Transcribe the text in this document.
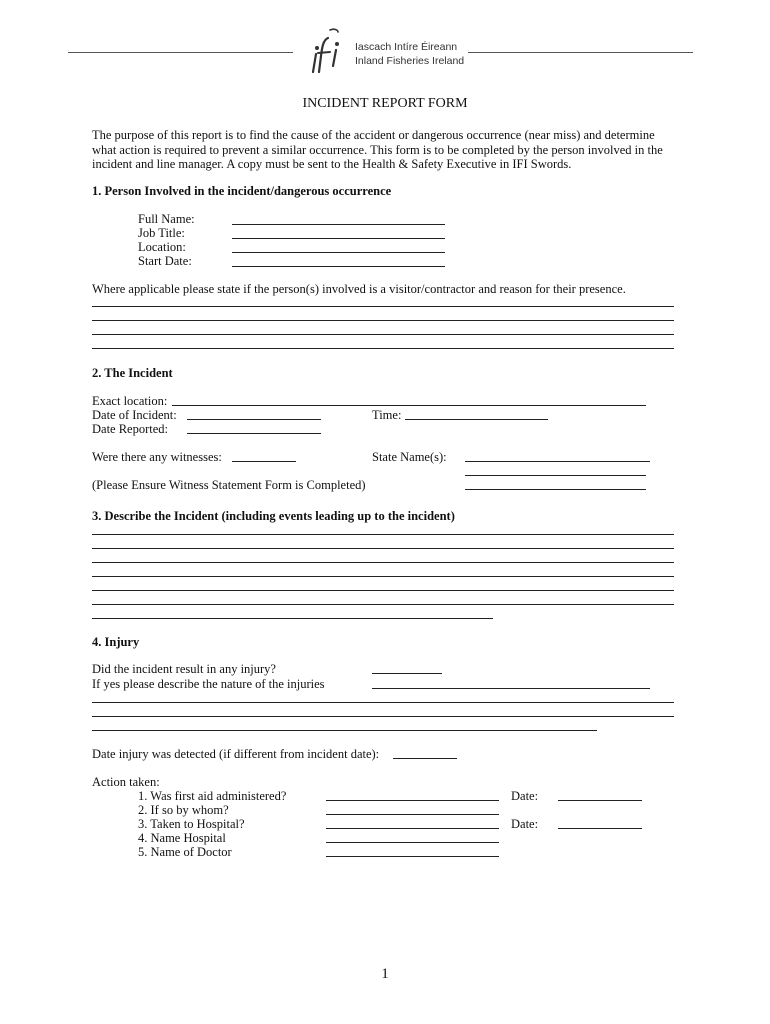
Iascach Intíre Éireann
Inland Fisheries Ireland
INCIDENT REPORT FORM
The purpose of this report is to find the cause of the accident or dangerous occurrence (near miss) and determine what action is required to prevent a similar occurrence. This form is to be completed by the person involved in the incident and line manager. A copy must be sent to the Health & Safety Executive in IFI Swords.
1. Person Involved in the incident/dangerous occurrence
Full Name:
Job Title:
Location:
Start Date:
Where applicable please state if the person(s) involved is a visitor/contractor and reason for their presence.
2. The Incident
Exact location:
Date of Incident:	Time:
Date Reported:
Were there any witnesses:	State Name(s):
(Please Ensure Witness Statement Form is Completed)
3. Describe the Incident (including events leading up to the incident)
4. Injury
Did the incident result in any injury?
If yes please describe the nature of the injuries
Date injury was detected (if different from incident date):
Action taken:
1. Was first aid administered?	Date:
2. If so by whom?
3. Taken to Hospital?	Date:
4. Name Hospital
5. Name of Doctor
1
